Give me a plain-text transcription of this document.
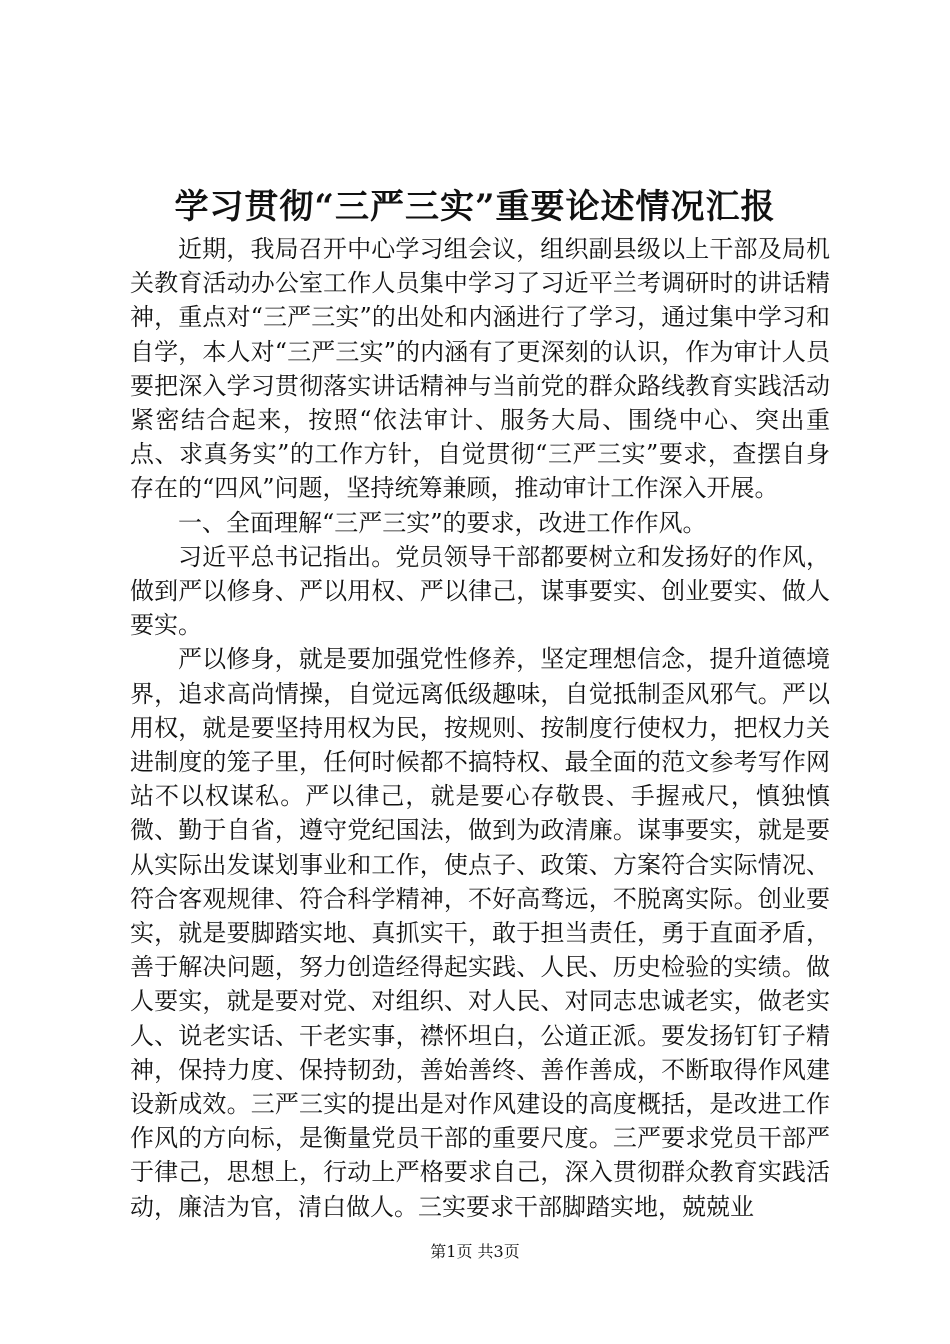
学习贯彻“三严三实”重要论述情况汇报

近期，我局召开中心学习组会议，组织副县级以上干部及局机关教育活动办公室工作人员集中学习了习近平兰考调研时的讲话精神，重点对“三严三实”的出处和内涵进行了学习，通过集中学习和自学，本人对“三严三实”的内涵有了更深刻的认识，作为审计人员要把深入学习贯彻落实讲话精神与当前党的群众路线教育实践活动紧密结合起来，按照“依法审计、服务大局、围绕中心、突出重点、求真务实”的工作方针，自觉贯彻“三严三实”要求，查摆自身存在的“四风”问题，坚持统筹兼顾，推动审计工作深入开展。

一、全面理解“三严三实”的要求，改进工作作风。

习近平总书记指出。党员领导干部都要树立和发扬好的作风，做到严以修身、严以用权、严以律己，谋事要实、创业要实、做人要实。

严以修身，就是要加强党性修养，坚定理想信念，提升道德境界，追求高尚情操，自觉远离低级趣味，自觉抵制歪风邪气。严以用权，就是要坚持用权为民，按规则、按制度行使权力，把权力关进制度的笼子里，任何时候都不搞特权、最全面的范文参考写作网站不以权谋私。严以律己，就是要心存敬畏、手握戒尺，慎独慎微、勤于自省，遵守党纪国法，做到为政清廉。谋事要实，就是要从实际出发谋划事业和工作，使点子、政策、方案符合实际情况、符合客观规律、符合科学精神，不好高骛远，不脱离实际。创业要实，就是要脚踏实地、真抓实干，敢于担当责任，勇于直面矛盾，善于解决问题，努力创造经得起实践、人民、历史检验的实绩。做人要实，就是要对党、对组织、对人民、对同志忠诚老实，做老实人、说老实话、干老实事，襟怀坦白，公道正派。要发扬钉钉子精神，保持力度、保持韧劲，善始善终、善作善成，不断取得作风建设新成效。三严三实的提出是对作风建设的高度概括，是改进工作作风的方向标，是衡量党员干部的重要尺度。三严要求党员干部严于律己，思想上，行动上严格要求自己，深入贯彻群众教育实践活动，廉洁为官，清白做人。三实要求干部脚踏实地，兢兢业

第1页 共3页
